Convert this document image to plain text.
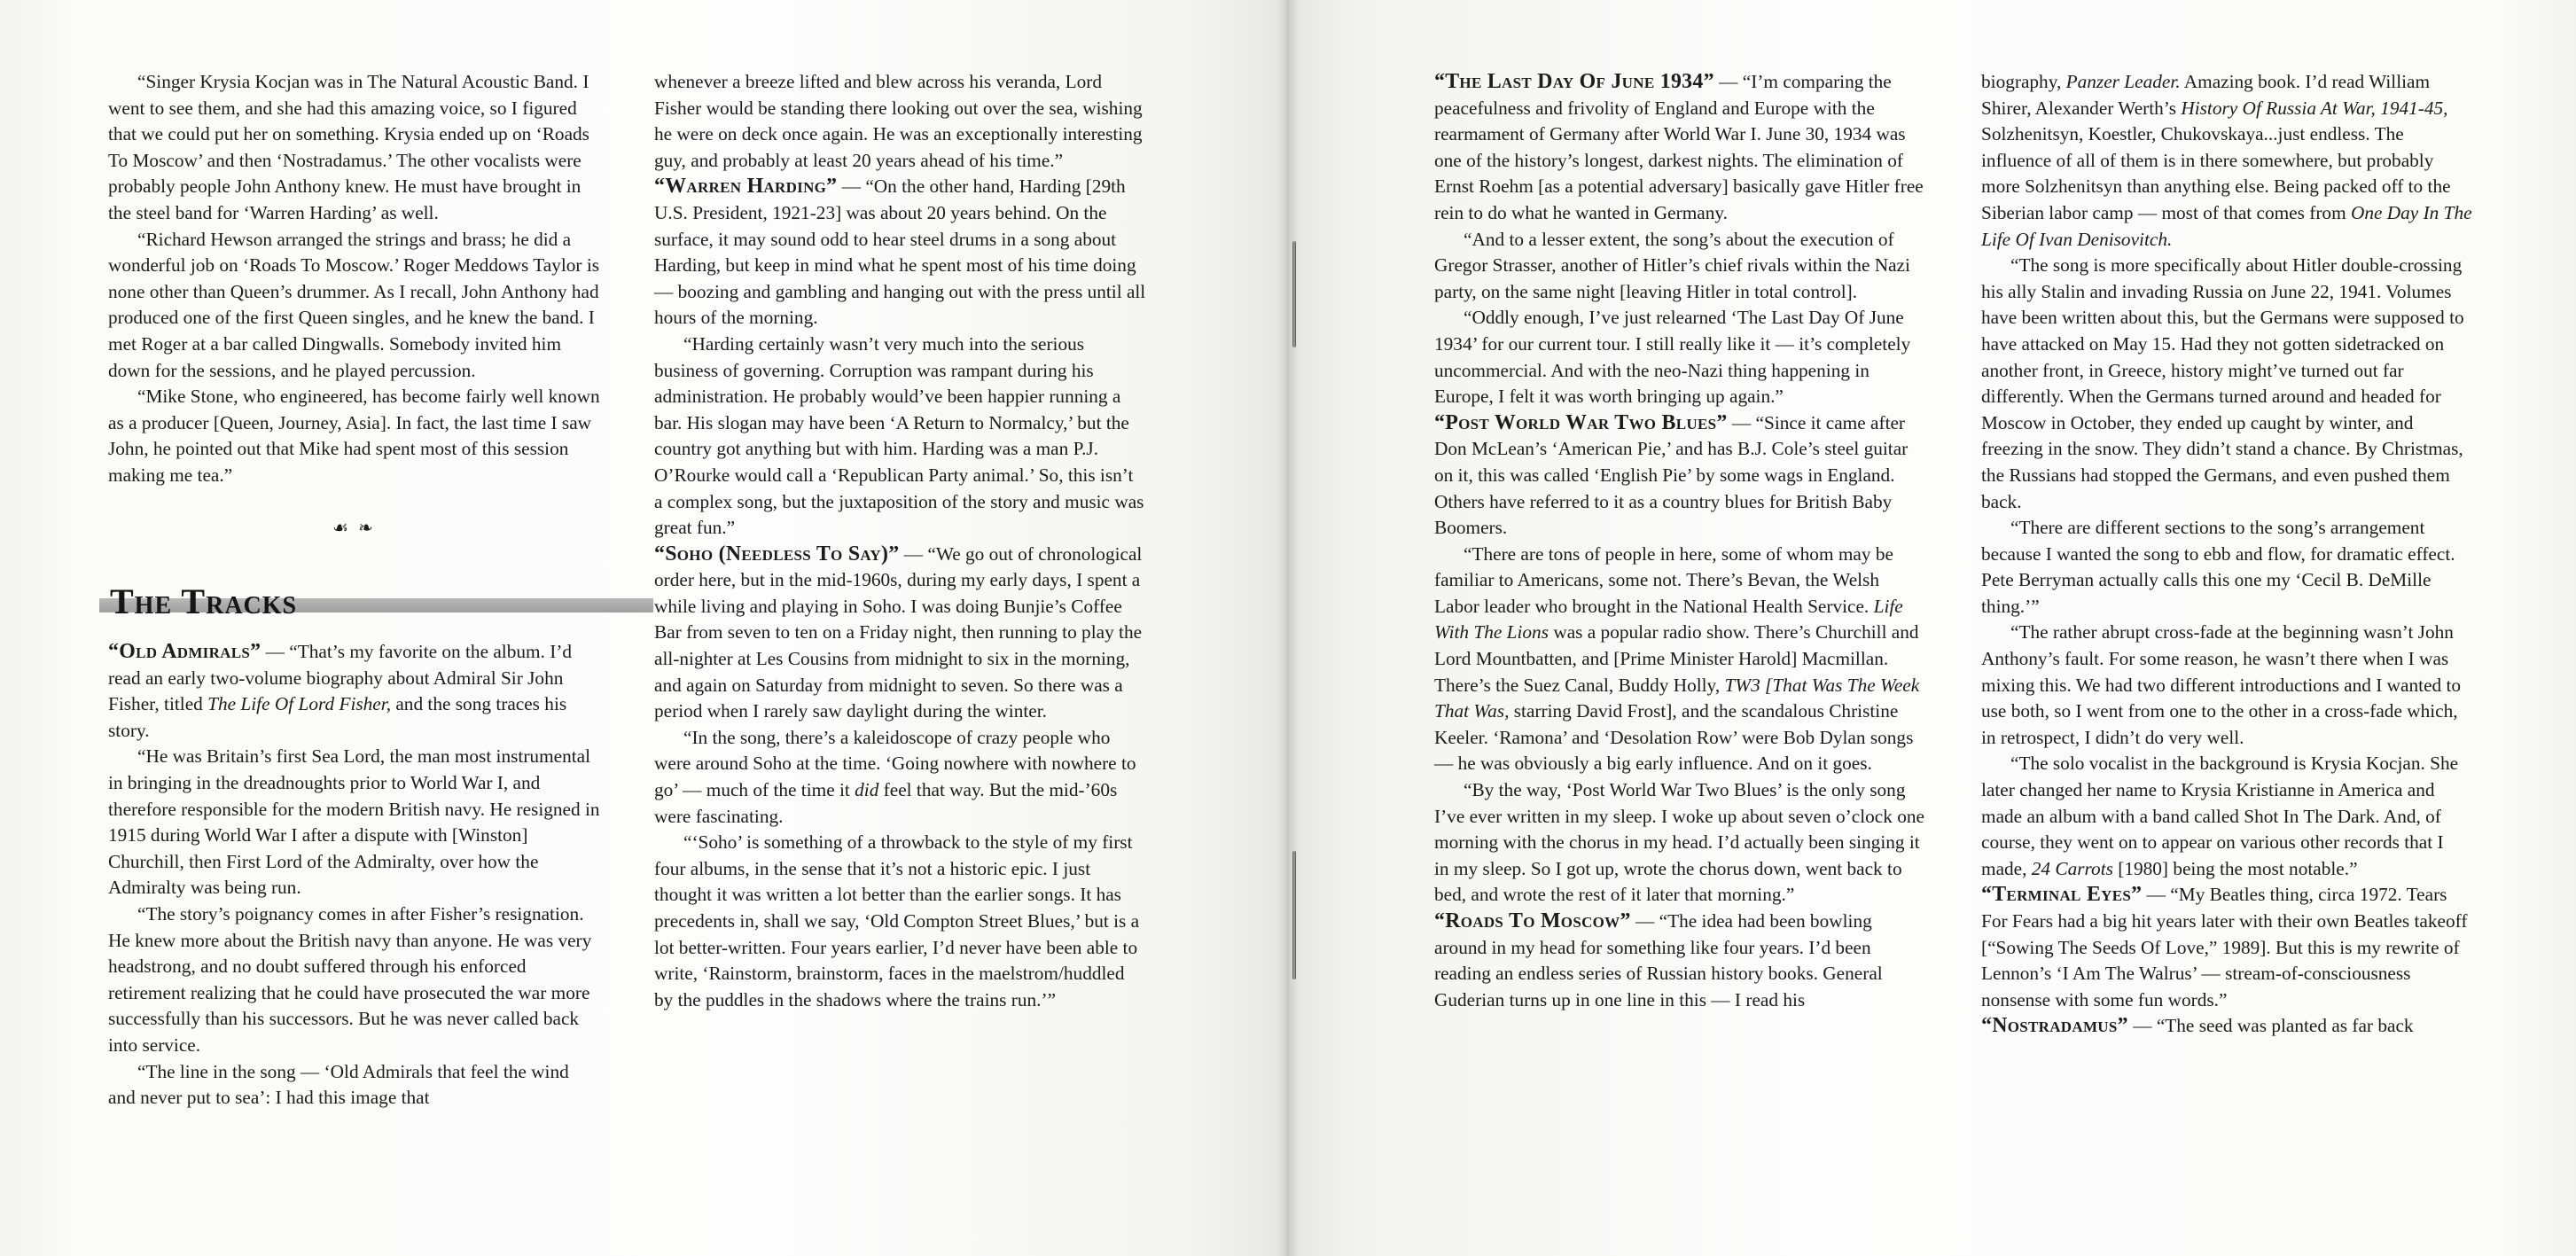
“Singer Krysia Kocjan was in The Natural Acoustic Band. I went to see them, and she had this amazing voice, so I figured that we could put her on something. Krysia ended up on ‘Roads To Moscow’ and then ‘Nostradamus.’ The other vocalists were probably people John Anthony knew. He must have brought in the steel band for ‘Warren Harding’ as well.

“Richard Hewson arranged the strings and brass; he did a wonderful job on ‘Roads To Moscow.’ Roger Meddows Taylor is none other than Queen’s drummer. As I recall, John Anthony had produced one of the first Queen singles, and he knew the band. I met Roger at a bar called Dingwalls. Somebody invited him down for the sessions, and he played percussion.

“Mike Stone, who engineered, has become fairly well known as a producer [Queen, Journey, Asia]. In fact, the last time I saw John, he pointed out that Mike had spent most of this session making me tea.”

☙ ❧
The Tracks

“Old Admirals” — “That’s my favorite on the album. I’d read an early two-volume biography about Admiral Sir John Fisher, titled The Life Of Lord Fisher, and the song traces his story.

“He was Britain’s first Sea Lord, the man most instrumental in bringing in the dreadnoughts prior to World War I, and therefore responsible for the modern British navy. He resigned in 1915 during World War I after a dispute with [Winston] Churchill, then First Lord of the Admiralty, over how the Admiralty was being run.

“The story’s poignancy comes in after Fisher’s resignation. He knew more about the British navy than anyone. He was very headstrong, and no doubt suffered through his enforced retirement realizing that he could have prosecuted the war more successfully than his successors. But he was never called back into service.

“The line in the song — ‘Old Admirals that feel the wind and never put to sea’: I had this image that

whenever a breeze lifted and blew across his veranda, Lord Fisher would be standing there looking out over the sea, wishing he were on deck once again. He was an exceptionally interesting guy, and probably at least 20 years ahead of his time.”

“Warren Harding” — “On the other hand, Harding [29th U.S. President, 1921-23] was about 20 years behind. On the surface, it may sound odd to hear steel drums in a song about Harding, but keep in mind what he spent most of his time doing — boozing and gambling and hanging out with the press until all hours of the morning.

“Harding certainly wasn’t very much into the serious business of governing. Corruption was rampant during his administration. He probably would’ve been happier running a bar. His slogan may have been ‘A Return to Normalcy,’ but the country got anything but with him. Harding was a man P.J. O’Rourke would call a ‘Republican Party animal.’ So, this isn’t a complex song, but the juxtaposition of the story and music was great fun.”

“Soho (Needless To Say)” — “We go out of chronological order here, but in the mid-1960s, during my early days, I spent a while living and playing in Soho. I was doing Bunjie’s Coffee Bar from seven to ten on a Friday night, then running to play the all-nighter at Les Cousins from midnight to six in the morning, and again on Saturday from midnight to seven. So there was a period when I rarely saw daylight during the winter.

“In the song, there’s a kaleidoscope of crazy people who were around Soho at the time. ‘Going nowhere with nowhere to go’ — much of the time it did feel that way. But the mid-’60s were fascinating.

“‘Soho’ is something of a throwback to the style of my first four albums, in the sense that it’s not a historic epic. I just thought it was written a lot better than the earlier songs. It has precedents in, shall we say, ‘Old Compton Street Blues,’ but is a lot better-written. Four years earlier, I’d never have been able to write, ‘Rainstorm, brainstorm, faces in the maelstrom/huddled by the puddles in the shadows where the trains run.’”

“The Last Day Of June 1934” — “I’m comparing the peacefulness and frivolity of England and Europe with the rearmament of Germany after World War I. June 30, 1934 was one of the history’s longest, darkest nights. The elimination of Ernst Roehm [as a potential adversary] basically gave Hitler free rein to do what he wanted in Germany.

“And to a lesser extent, the song’s about the execution of Gregor Strasser, another of Hitler’s chief rivals within the Nazi party, on the same night [leaving Hitler in total control].

“Oddly enough, I’ve just relearned ‘The Last Day Of June 1934’ for our current tour. I still really like it — it’s completely uncommercial. And with the neo-Nazi thing happening in Europe, I felt it was worth bringing up again.”

“Post World War Two Blues” — “Since it came after Don McLean’s ‘American Pie,’ and has B.J. Cole’s steel guitar on it, this was called ‘English Pie’ by some wags in England. Others have referred to it as a country blues for British Baby Boomers.

“There are tons of people in here, some of whom may be familiar to Americans, some not. There’s Bevan, the Welsh Labor leader who brought in the National Health Service. Life With The Lions was a popular radio show. There’s Churchill and Lord Mountbatten, and [Prime Minister Harold] Macmillan. There’s the Suez Canal, Buddy Holly, TW3 [That Was The Week That Was, starring David Frost], and the scandalous Christine Keeler. ‘Ramona’ and ‘Desolation Row’ were Bob Dylan songs — he was obviously a big early influence. And on it goes.

“By the way, ‘Post World War Two Blues’ is the only song I’ve ever written in my sleep. I woke up about seven o’clock one morning with the chorus in my head. I’d actually been singing it in my sleep. So I got up, wrote the chorus down, went back to bed, and wrote the rest of it later that morning.”

“Roads To Moscow” — “The idea had been bowling around in my head for something like four years. I’d been reading an endless series of Russian history books. General Guderian turns up in one line in this — I read his

biography, Panzer Leader. Amazing book. I’d read William Shirer, Alexander Werth’s History Of Russia At War, 1941-45, Solzhenitsyn, Koestler, Chukovskaya...just endless. The influence of all of them is in there somewhere, but probably more Solzhenitsyn than anything else. Being packed off to the Siberian labor camp — most of that comes from One Day In The Life Of Ivan Denisovitch.

“The song is more specifically about Hitler double-crossing his ally Stalin and invading Russia on June 22, 1941. Volumes have been written about this, but the Germans were supposed to have attacked on May 15. Had they not gotten sidetracked on another front, in Greece, history might’ve turned out far differently. When the Germans turned around and headed for Moscow in October, they ended up caught by winter, and freezing in the snow. They didn’t stand a chance. By Christmas, the Russians had stopped the Germans, and even pushed them back.

“There are different sections to the song’s arrangement because I wanted the song to ebb and flow, for dramatic effect. Pete Berryman actually calls this one my ‘Cecil B. DeMille thing.’”

“The rather abrupt cross-fade at the beginning wasn’t John Anthony’s fault. For some reason, he wasn’t there when I was mixing this. We had two different introductions and I wanted to use both, so I went from one to the other in a cross-fade which, in retrospect, I didn’t do very well.

“The solo vocalist in the background is Krysia Kocjan. She later changed her name to Krysia Kristianne in America and made an album with a band called Shot In The Dark. And, of course, they went on to appear on various other records that I made, 24 Carrots [1980] being the most notable.”

“Terminal Eyes” — “My Beatles thing, circa 1972. Tears For Fears had a big hit years later with their own Beatles takeoff [“Sowing The Seeds Of Love,” 1989]. But this is my rewrite of Lennon’s ‘I Am The Walrus’ — stream-of-consciousness nonsense with some fun words.”

“Nostradamus” — “The seed was planted as far back
